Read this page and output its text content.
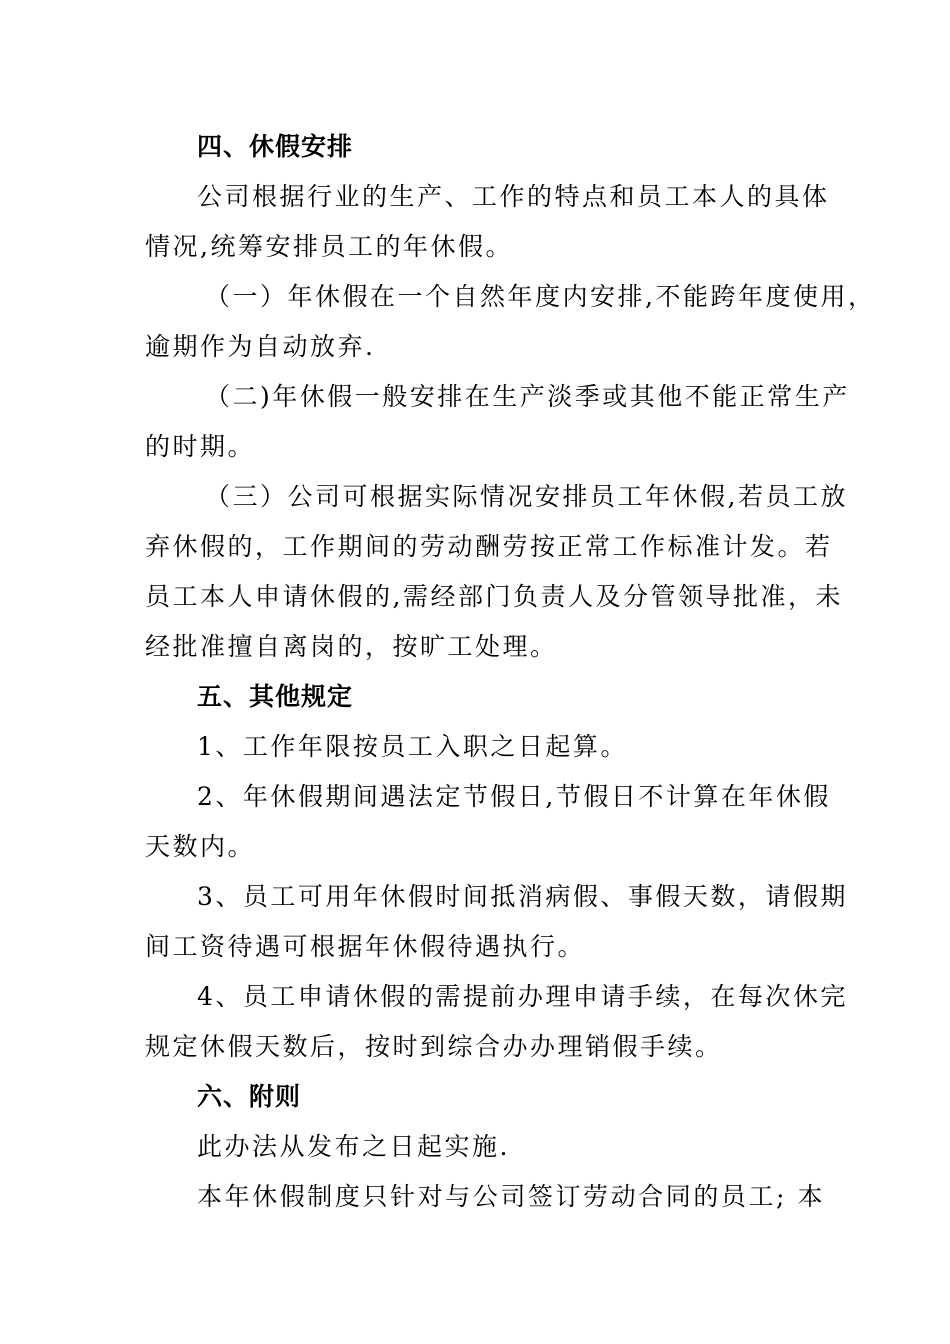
四、休假安排
公司根据行业的生产、工作的特点和员工本人的具体
情况,统筹安排员工的年休假。
（一）年休假在一个自然年度内安排,不能跨年度使用，
逾期作为自动放弃.
（二)年休假一般安排在生产淡季或其他不能正常生产
的时期。
（三）公司可根据实际情况安排员工年休假,若员工放
弃休假的，工作期间的劳动酬劳按正常工作标准计发。若
员工本人申请休假的,需经部门负责人及分管领导批准，未
经批准擅自离岗的，按旷工处理。
五、其他规定
1、工作年限按员工入职之日起算。
2、年休假期间遇法定节假日,节假日不计算在年休假
天数内。
3、员工可用年休假时间抵消病假、事假天数，请假期
间工资待遇可根据年休假待遇执行。
4、员工申请休假的需提前办理申请手续，在每次休完
规定休假天数后，按时到综合办办理销假手续。
六、附则
此办法从发布之日起实施.
本年休假制度只针对与公司签订劳动合同的员工; 本
